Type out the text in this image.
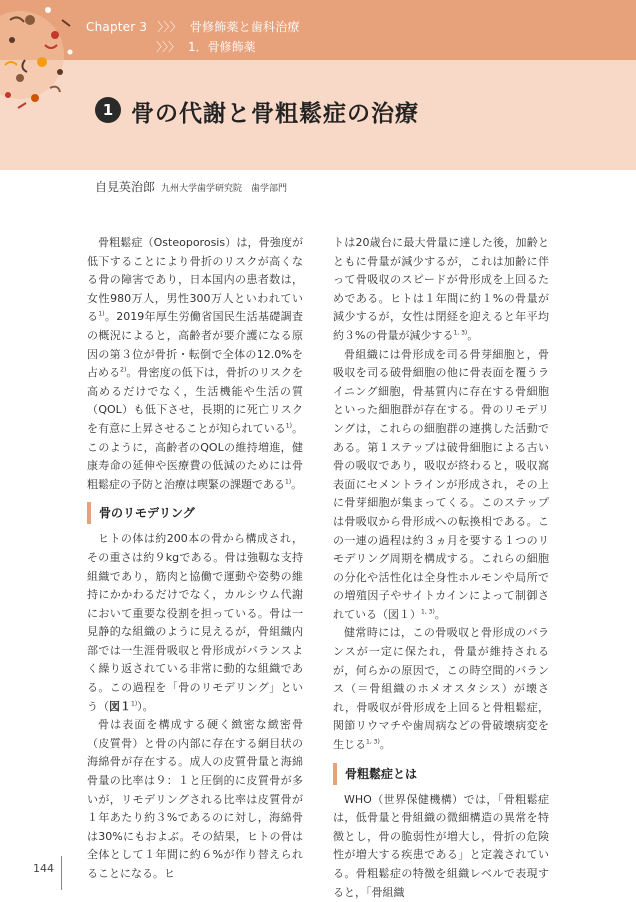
Chapter 3 〉〉〉 骨修飾薬と歯科治療
〉〉〉 1．骨修飾薬
1 骨の代謝と骨粗鬆症の治療
自見英治郎 九州大学歯学研究院　歯学部門

骨粗鬆症（Osteoporosis）は，骨強度が低下することにより骨折のリスクが高くなる骨の障害であり，日本国内の患者数は，女性980万人，男性300万人といわれている$^{1)}$。2019年厚生労働省国民生活基礎調査の概況によると，高齢者が要介護になる原因の第３位が骨折・転倒で全体の12.0%を占める$^{2)}$。骨密度の低下は，骨折のリスクを高めるだけでなく，生活機能や生活の質（QOL）も低下させ，長期的に死亡リスクを有意に上昇させることが知られている$^{1)}$。このように，高齢者のQOLの維持増進，健康寿命の延伸や医療費の低減のためには骨粗鬆症の予防と治療は喫緊の課題である$^{1)}$。

骨のリモデリング

ヒトの体は約200本の骨から構成され，その重さは約９kgである。骨は強靱な支持組織であり，筋肉と協働で運動や姿勢の維持にかかわるだけでなく，カルシウム代謝において重要な役割を担っている。骨は一見静的な組織のように見えるが，骨組織内部では一生涯骨吸収と骨形成がバランスよく繰り返されている非常に動的な組織である。この過程を「骨のリモデリング」という（図１$^{1)}$）。

骨は表面を構成する硬く緻密な緻密骨（皮質骨）と骨の内部に存在する網目状の海綿骨が存在する。成人の皮質骨量と海綿骨量の比率は９：１と圧倒的に皮質骨が多いが，リモデリングされる比率は皮質骨が１年あたり約３%であるのに対し，海綿骨は30%にもおよぶ。その結果，ヒトの骨は全体として１年間に約６%が作り替えられることになる。ヒ

トは20歳台に最大骨量に達した後，加齢とともに骨量が減少するが，これは加齢に伴って骨吸収のスピードが骨形成を上回るためである。ヒトは１年間に約１%の骨量が減少するが，女性は閉経を迎えると年平均約３%の骨量が減少する$^{1, 3)}$。

骨組織には骨形成を司る骨芽細胞と，骨吸収を司る破骨細胞の他に骨表面を覆うライニング細胞，骨基質内に存在する骨細胞といった細胞群が存在する。骨のリモデリングは，これらの細胞群の連携した活動である。第１ステップは破骨細胞による古い骨の吸収であり，吸収が終わると，吸収窩表面にセメントラインが形成され，その上に骨芽細胞が集まってくる。このステップは骨吸収から骨形成への転換相である。この一連の過程は約３ヵ月を要する１つのリモデリング周期を構成する。これらの細胞の分化や活性化は全身性ホルモンや局所での増殖因子やサイトカインによって制御されている（図１）$^{1, 3)}$。

健常時には，この骨吸収と骨形成のバランスが一定に保たれ，骨量が維持されるが，何らかの原因で，この時空間的バランス（＝骨組織のホメオスタシス）が壊され，骨吸収が骨形成を上回ると骨粗鬆症，関節リウマチや歯周病などの骨破壊病変を生じる$^{1, 3)}$。

骨粗鬆症とは

WHO（世界保健機構）では，「骨粗鬆症は，低骨量と骨組織の微細構造の異常を特徴とし，骨の脆弱性が増大し，骨折の危険性が増大する疾患である」と定義されている。骨粗鬆症の特徴を組織レベルで表現すると，「骨組織

144
